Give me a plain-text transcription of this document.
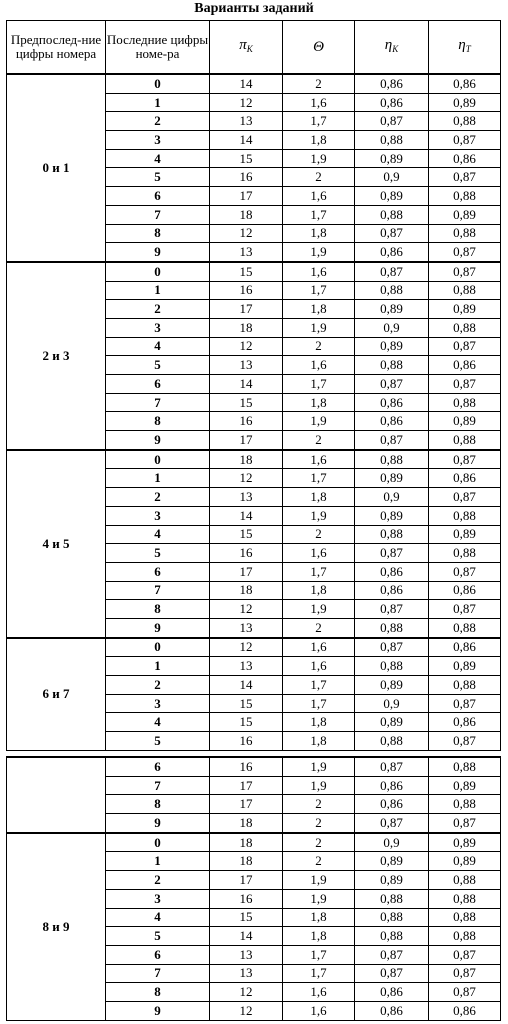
Варианты заданий
Предпослед-ние цифры номера	Последние цифры номе-ра	$\pi_K$	Θ	$\eta_K$	$\eta_T$
0 и 1	0	14	2	0,86	0,86
	1	12	1,6	0,86	0,89
	2	13	1,7	0,87	0,88
	3	14	1,8	0,88	0,87
	4	15	1,9	0,89	0,86
	5	16	2	0,9	0,87
	6	17	1,6	0,89	0,88
	7	18	1,7	0,88	0,89
	8	12	1,8	0,87	0,88
	9	13	1,9	0,86	0,87
2 и 3	0	15	1,6	0,87	0,87
	1	16	1,7	0,88	0,88
	2	17	1,8	0,89	0,89
	3	18	1,9	0,9	0,88
	4	12	2	0,89	0,87
	5	13	1,6	0,88	0,86
	6	14	1,7	0,87	0,87
	7	15	1,8	0,86	0,88
	8	16	1,9	0,86	0,89
	9	17	2	0,87	0,88
4 и 5	0	18	1,6	0,88	0,87
	1	12	1,7	0,89	0,86
	2	13	1,8	0,9	0,87
	3	14	1,9	0,89	0,88
	4	15	2	0,88	0,89
	5	16	1,6	0,87	0,88
	6	17	1,7	0,86	0,87
	7	18	1,8	0,86	0,86
	8	12	1,9	0,87	0,87
	9	13	2	0,88	0,88
6 и 7	0	12	1,6	0,87	0,86
	1	13	1,6	0,88	0,89
	2	14	1,7	0,89	0,88
	3	15	1,7	0,9	0,87
	4	15	1,8	0,89	0,86
	5	16	1,8	0,88	0,87
	6	16	1,9	0,87	0,88
	7	17	1,9	0,86	0,89
	8	17	2	0,86	0,88
	9	18	2	0,87	0,87
8 и 9	0	18	2	0,9	0,89
	1	18	2	0,89	0,89
	2	17	1,9	0,89	0,88
	3	16	1,9	0,88	0,88
	4	15	1,8	0,88	0,88
	5	14	1,8	0,88	0,88
	6	13	1,7	0,87	0,87
	7	13	1,7	0,87	0,87
	8	12	1,6	0,86	0,87
	9	12	1,6	0,86	0,86
